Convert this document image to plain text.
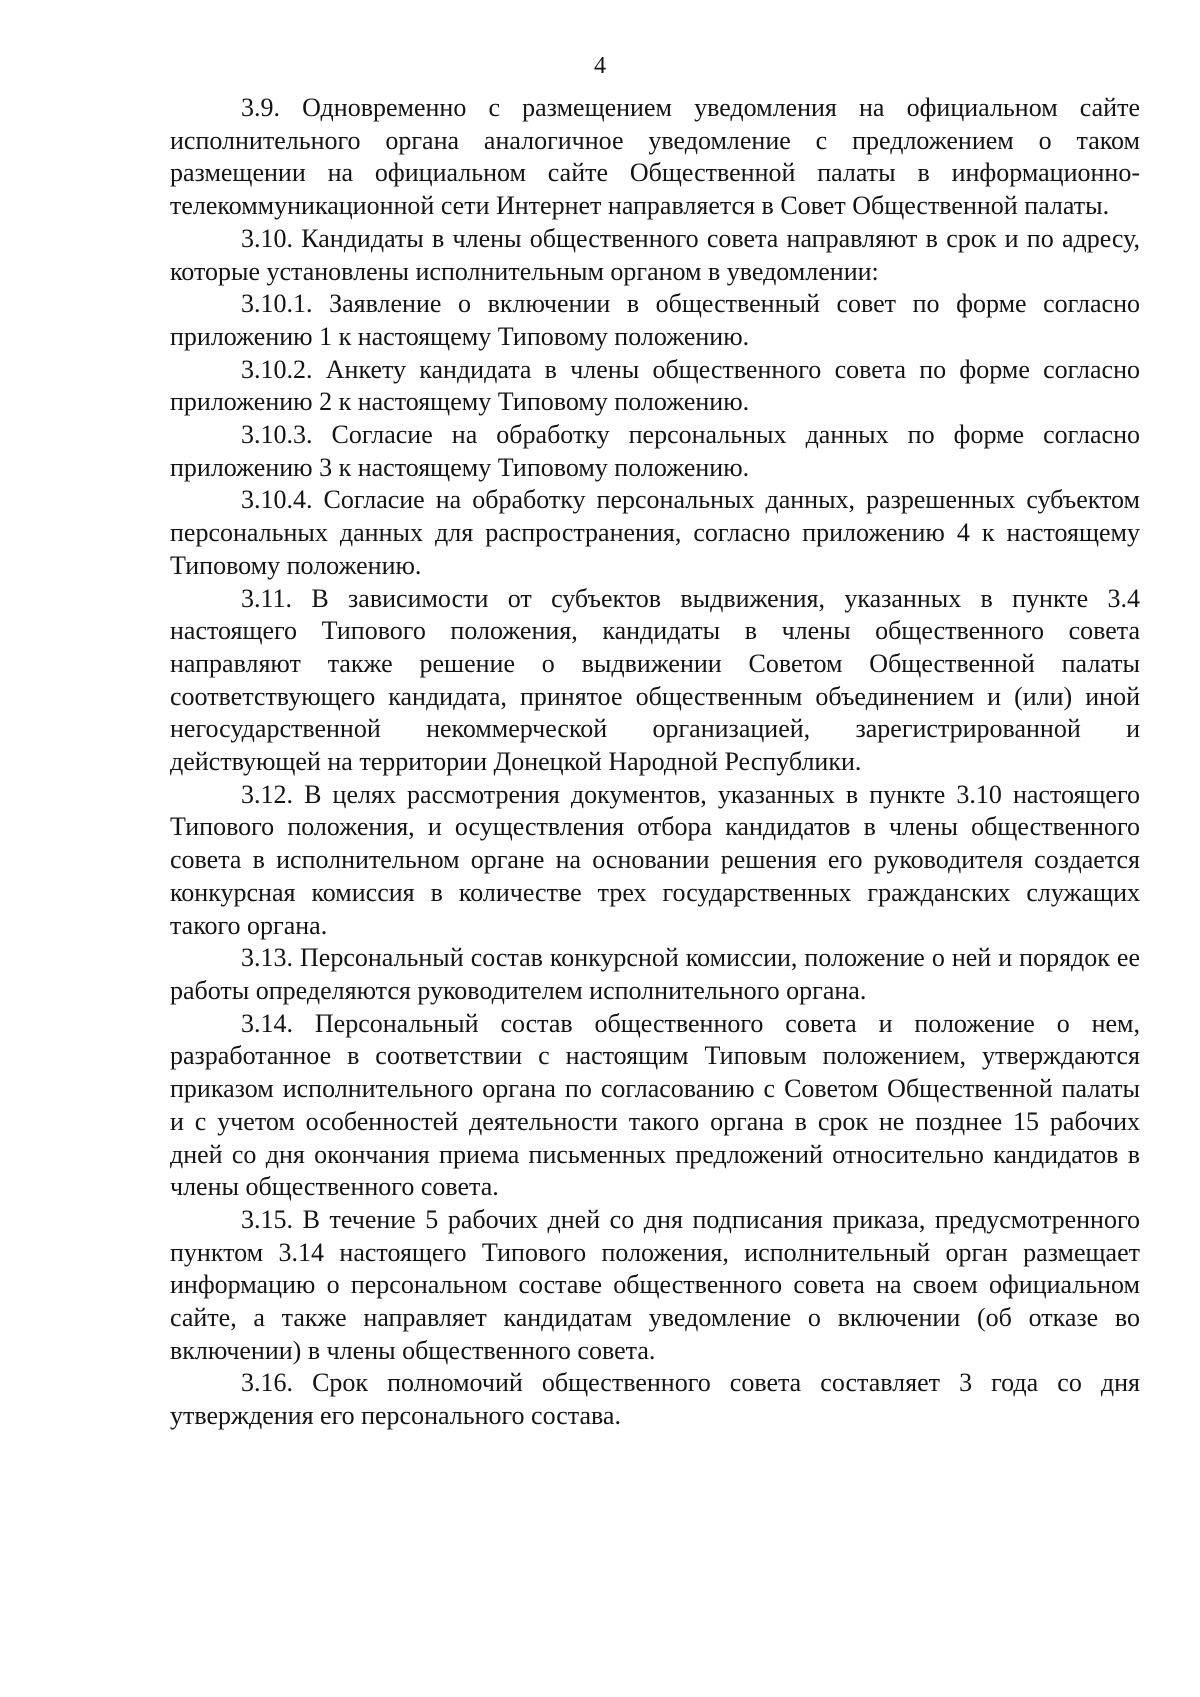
4

3.9. Одновременно с размещением уведомления на официальном сайте исполнительного органа аналогичное уведомление с предложением о таком размещении на официальном сайте Общественной палаты в информационно-телекоммуникационной сети Интернет направляется в Совет Общественной палаты.

3.10. Кандидаты в члены общественного совета направляют в срок и по адресу, которые установлены исполнительным органом в уведомлении:

3.10.1. Заявление о включении в общественный совет по форме согласно приложению 1 к настоящему Типовому положению.

3.10.2. Анкету кандидата в члены общественного совета по форме согласно приложению 2 к настоящему Типовому положению.

3.10.3. Согласие на обработку персональных данных по форме согласно приложению 3 к настоящему Типовому положению.

3.10.4. Согласие на обработку персональных данных, разрешенных субъектом персональных данных для распространения, согласно приложению 4 к настоящему Типовому положению.

3.11. В зависимости от субъектов выдвижения, указанных в пункте 3.4 настоящего Типового положения, кандидаты в члены общественного совета направляют также решение о выдвижении Советом Общественной палаты соответствующего кандидата, принятое общественным объединением и (или) иной негосударственной некоммерческой организацией, зарегистрированной и действующей на территории Донецкой Народной Республики.

3.12. В целях рассмотрения документов, указанных в пункте 3.10 настоящего Типового положения, и осуществления отбора кандидатов в члены общественного совета в исполнительном органе на основании решения его руководителя создается конкурсная комиссия в количестве трех государственных гражданских служащих такого органа.

3.13. Персональный состав конкурсной комиссии, положение о ней и порядок ее работы определяются руководителем исполнительного органа.

3.14. Персональный состав общественного совета и положение о нем, разработанное в соответствии с настоящим Типовым положением, утверждаются приказом исполнительного органа по согласованию с Советом Общественной палаты и с учетом особенностей деятельности такого органа в срок не позднее 15 рабочих дней со дня окончания приема письменных предложений относительно кандидатов в члены общественного совета.

3.15. В течение 5 рабочих дней со дня подписания приказа, предусмотренного пунктом 3.14 настоящего Типового положения, исполнительный орган размещает информацию о персональном составе общественного совета на своем официальном сайте, а также направляет кандидатам уведомление о включении (об отказе во включении) в члены общественного совета.

3.16. Срок полномочий общественного совета составляет 3 года со дня утверждения его персонального состава.
